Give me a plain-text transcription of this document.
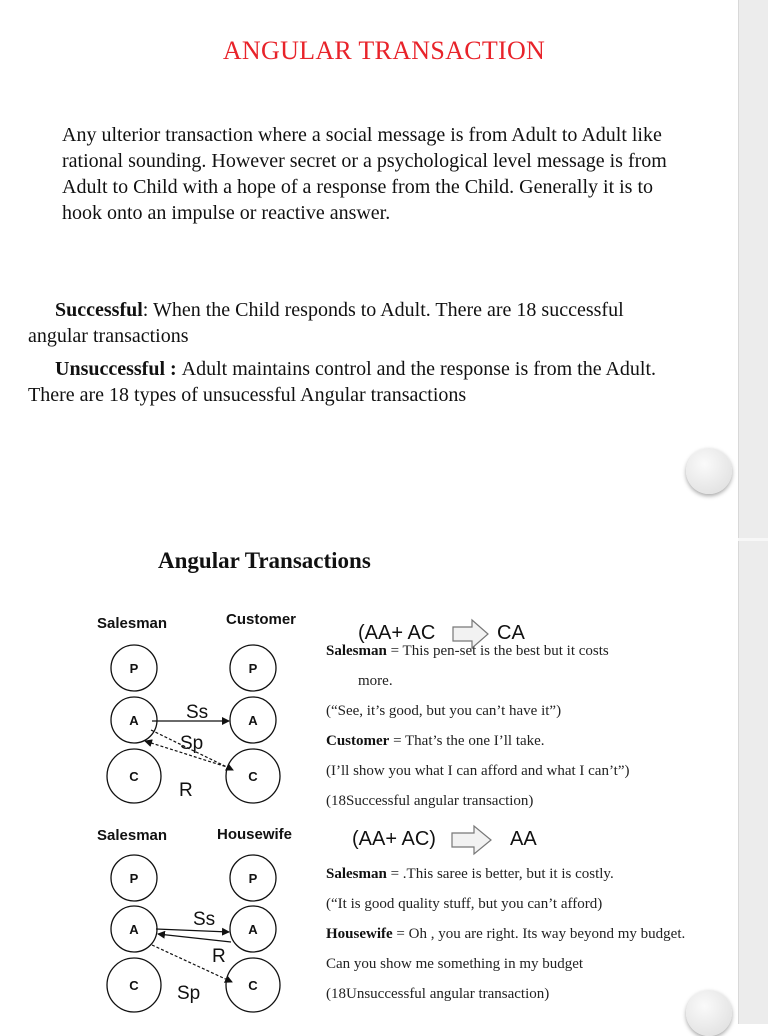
ANGULAR TRANSACTION
Any ulterior transaction where a social message is from Adult to Adult like
rational sounding. However secret or a psychological level message is from
Adult to Child with a hope of a response from the Child. Generally it is to
hook onto an impulse or reactive answer.
Successful: When the Child responds to Adult. There are 18 successful
angular transactions
Unsuccessful : Adult maintains control and the response is from the Adult.
There are 18 types of unsucessful Angular transactions
Angular Transactions
Salesman	Customer
P
A
C
P
A
C
Ss
Sp
R
P
A
C
P
A
C
Ss
R
Sp
(AA+ AC	CA
Salesman = This pen-set is the best but it costs
more.
(“See, it’s good, but you can’t have it”)
Customer = That’s the one I’ll take.
(I’ll show you what I can afford and what I can’t”)
(18Successful angular transaction)
Salesman	Housewife	(AA+ AC)	AA
Salesman = .This saree is better, but it is costly.
(“It is good quality stuff, but you can’t afford)
Housewife = Oh , you are right. Its way beyond my budget.
Can you show me something in my budget
(18Unsuccessful angular transaction)
